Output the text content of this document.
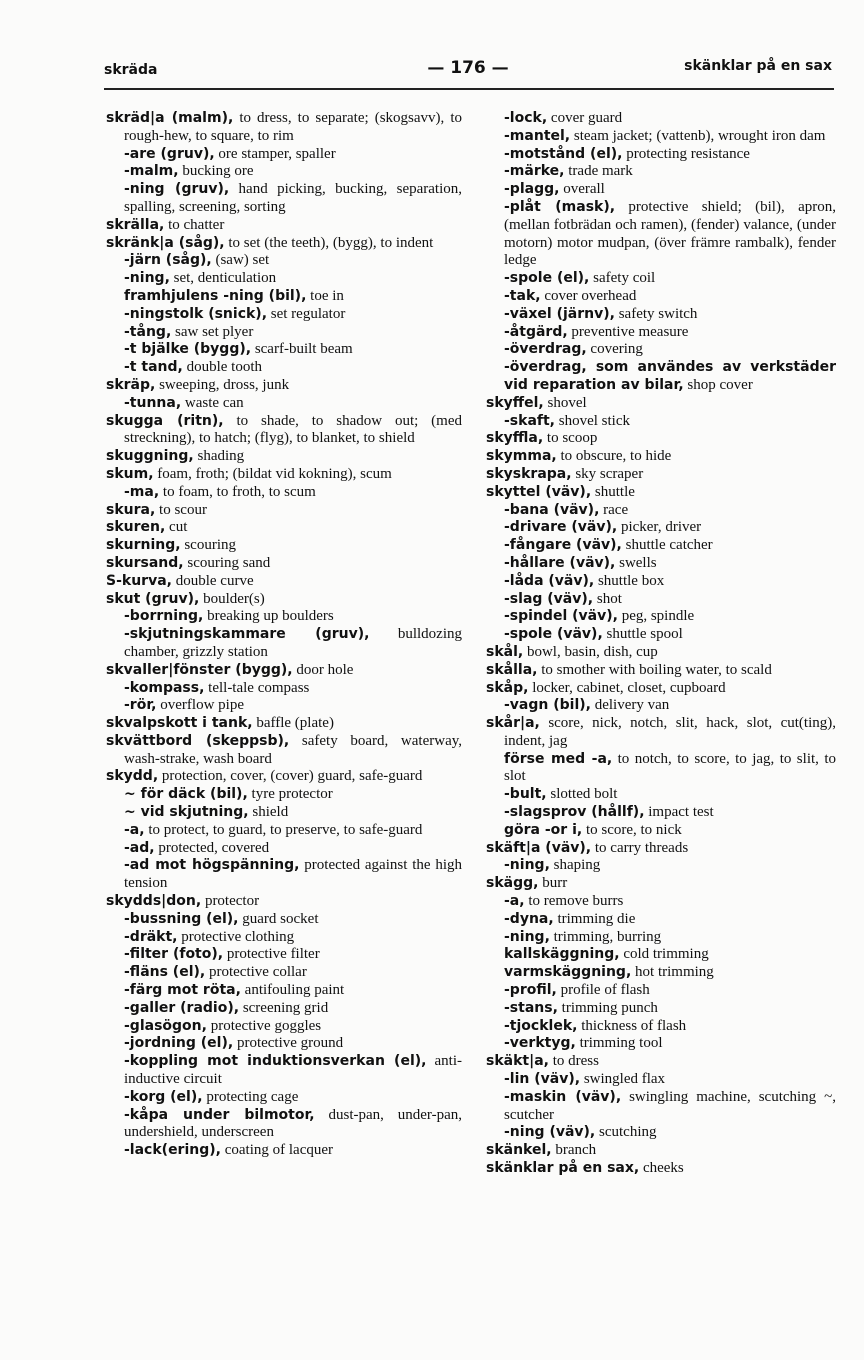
skräda	— 176 —	skänklar på en sax

skräd|a (malm), to dress, to separate; (skogsavv), to rough-hew, to square, to rim

-are (gruv), ore stamper, spaller

-malm, bucking ore

-ning (gruv), hand picking, bucking, separation, spalling, screening, sorting

skrälla, to chatter

skränk|a (såg), to set (the teeth), (bygg), to indent

-järn (såg), (saw) set

-ning, set, denticulation

framhjulens -ning (bil), toe in

-ningstolk (snick), set regulator

-tång, saw set plyer

-t bjälke (bygg), scarf-built beam

-t tand, double tooth

skräp, sweeping, dross, junk

-tunna, waste can

skugga (ritn), to shade, to shadow out; (med streckning), to hatch; (flyg), to blanket, to shield

skuggning, shading

skum, foam, froth; (bildat vid kokning), scum

-ma, to foam, to froth, to scum

skura, to scour

skuren, cut

skurning, scouring

skursand, scouring sand

S-kurva, double curve

skut (gruv), boulder(s)

-borrning, breaking up boulders

-skjutningskammare (gruv), bulldozing chamber, grizzly station

skvaller|fönster (bygg), door hole

-kompass, tell-tale compass

-rör, overflow pipe

skvalpskott i tank, baffle (plate)

skvättbord (skeppsb), safety board, waterway, wash-strake, wash board

skydd, protection, cover, (cover) guard, safe-guard

~ för däck (bil), tyre protector

~ vid skjutning, shield

-a, to protect, to guard, to preserve, to safe-guard

-ad, protected, covered

-ad mot högspänning, protected against the high tension

skydds|don, protector

-bussning (el), guard socket

-dräkt, protective clothing

-filter (foto), protective filter

-fläns (el), protective collar

-färg mot röta, antifouling paint

-galler (radio), screening grid

-glasögon, protective goggles

-jordning (el), protective ground

-koppling mot induktionsverkan (el), anti-inductive circuit

-korg (el), protecting cage

-kåpa under bilmotor, dust-pan, under-pan, undershield, underscreen

-lack(ering), coating of lacquer

-lock, cover guard

-mantel, steam jacket; (vattenb), wrought iron dam

-motstånd (el), protecting resistance

-märke, trade mark

-plagg, overall

-plåt (mask), protective shield; (bil), apron, (mellan fotbrädan och ramen), (fender) valance, (under motorn) motor mudpan, (över främre rambalk), fender ledge

-spole (el), safety coil

-tak, cover overhead

-växel (järnv), safety switch

-åtgärd, preventive measure

-överdrag, covering

-överdrag, som användes av verkstäder vid reparation av bilar, shop cover

skyffel, shovel

-skaft, shovel stick

skyffla, to scoop

skymma, to obscure, to hide

skyskrapa, sky scraper

skyttel (väv), shuttle

-bana (väv), race

-drivare (väv), picker, driver

-fångare (väv), shuttle catcher

-hållare (väv), swells

-låda (väv), shuttle box

-slag (väv), shot

-spindel (väv), peg, spindle

-spole (väv), shuttle spool

skål, bowl, basin, dish, cup

skålla, to smother with boiling water, to scald

skåp, locker, cabinet, closet, cupboard

-vagn (bil), delivery van

skår|a, score, nick, notch, slit, hack, slot, cut(ting), indent, jag

förse med -a, to notch, to score, to jag, to slit, to slot

-bult, slotted bolt

-slagsprov (hållf), impact test

göra -or i, to score, to nick

skäft|a (väv), to carry threads

-ning, shaping

skägg, burr

-a, to remove burrs

-dyna, trimming die

-ning, trimming, burring

kallskäggning, cold trimming

varmskäggning, hot trimming

-profil, profile of flash

-stans, trimming punch

-tjocklek, thickness of flash

-verktyg, trimming tool

skäkt|a, to dress

-lin (väv), swingled flax

-maskin (väv), swingling machine, scutching ~, scutcher

-ning (väv), scutching

skänkel, branch

skänklar på en sax, cheeks
